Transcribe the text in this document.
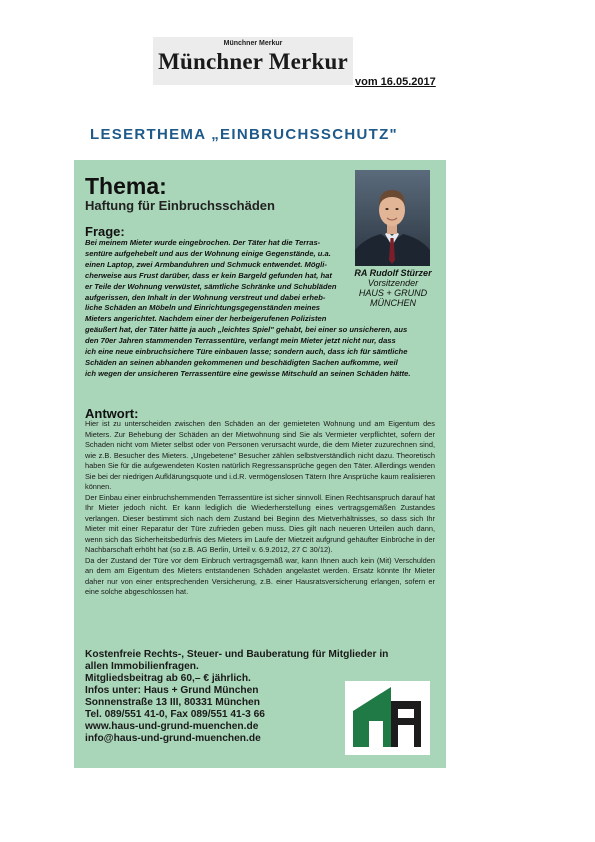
Münchner Merkur
Münchner Merkur
vom 16.05.2017
LESERTHEMA „EINBRUCHSSCHUTZ"
Thema:
Haftung für Einbruchsschäden
RA Rudolf Stürzer
Vorsitzender
HAUS + GRUND
MÜNCHEN
Frage:
Bei meinem Mieter wurde eingebrochen. Der Täter hat die Terras-
sentüre aufgehebelt und aus der Wohnung einige Gegenstände, u.a.
einen Laptop, zwei Armbanduhren und Schmuck entwendet. Mögli-
cherweise aus Frust darüber, dass er kein Bargeld gefunden hat, hat
er Teile der Wohnung verwüstet, sämtliche Schränke und Schubläden
aufgerissen, den Inhalt in der Wohnung verstreut und dabei erheb-
liche Schäden an Möbeln und Einrichtungsgegenständen meines
Mieters angerichtet. Nachdem einer der herbeigerufenen Polizisten
geäußert hat, der Täter hätte ja auch „leichtes Spiel" gehabt, bei einer so unsicheren, aus
den 70er Jahren stammenden Terrassentüre, verlangt mein Mieter jetzt nicht nur, dass
ich eine neue einbruchsichere Türe einbauen lasse; sondern auch, dass ich für sämtliche
Schäden an seinen abhanden gekommenen und beschädigten Sachen aufkomme, weil
ich wegen der unsicheren Terrassentüre eine gewisse Mitschuld an seinen Schäden hätte.
Antwort:

Hier ist zu unterscheiden zwischen den Schäden an der gemieteten Wohnung und am Eigentum des Mieters. Zur Behebung der Schäden an der Mietwohnung sind Sie als Vermieter verpflichtet, sofern der Schaden nicht vom Mieter selbst oder von Personen verursacht wurde, die dem Mieter zuzurechnen sind, wie z.B. Besucher des Mieters. „Ungebetene" Besucher zählen selbstverständlich nicht dazu. Theoretisch haben Sie für die aufgewendeten Kosten natürlich Regressansprüche gegen den Täter. Allerdings wenden Sie bei der niedrigen Aufklärungsquote und i.d.R. vermögenslosen Tätern Ihre Ansprüche kaum realisieren können.

Der Einbau einer einbruchshemmenden Terrassentüre ist sicher sinnvoll. Einen Rechtsanspruch darauf hat Ihr Mieter jedoch nicht. Er kann lediglich die Wiederherstellung eines vertragsgemäßen Zustandes verlangen. Dieser bestimmt sich nach dem Zustand bei Beginn des Mietverhältnisses, so dass sich Ihr Mieter mit einer Reparatur der Türe zufrieden geben muss. Dies gilt nach neueren Urteilen auch dann, wenn sich das Sicherheitsbedürfnis des Mieters im Laufe der Mietzeit aufgrund gehäufter Einbrüche in der Nachbarschaft erhöht hat (so z.B. AG Berlin, Urteil v. 6.9.2012, 27 C 30/12).

Da der Zustand der Türe vor dem Einbruch vertragsgemäß war, kann Ihnen auch kein (Mit) Verschulden an dem am Eigentum des Mieters entstandenen Schäden angelastet werden. Ersatz könnte Ihr Mieter daher nur von einer entsprechenden Versicherung, z.B. einer Hausratsversicherung erlangen, sofern er eine solche abgeschlossen hat.

Kostenfreie Rechts-, Steuer- und Bauberatung für Mitglieder in
allen Immobilienfragen.
Mitgliedsbeitrag ab 60,– € jährlich.
Infos unter: Haus + Grund München
Sonnenstraße 13 III, 80331 München
Tel. 089/551 41-0, Fax 089/551 41-3 66
www.haus-und-grund-muenchen.de
info@haus-und-grund-muenchen.de
